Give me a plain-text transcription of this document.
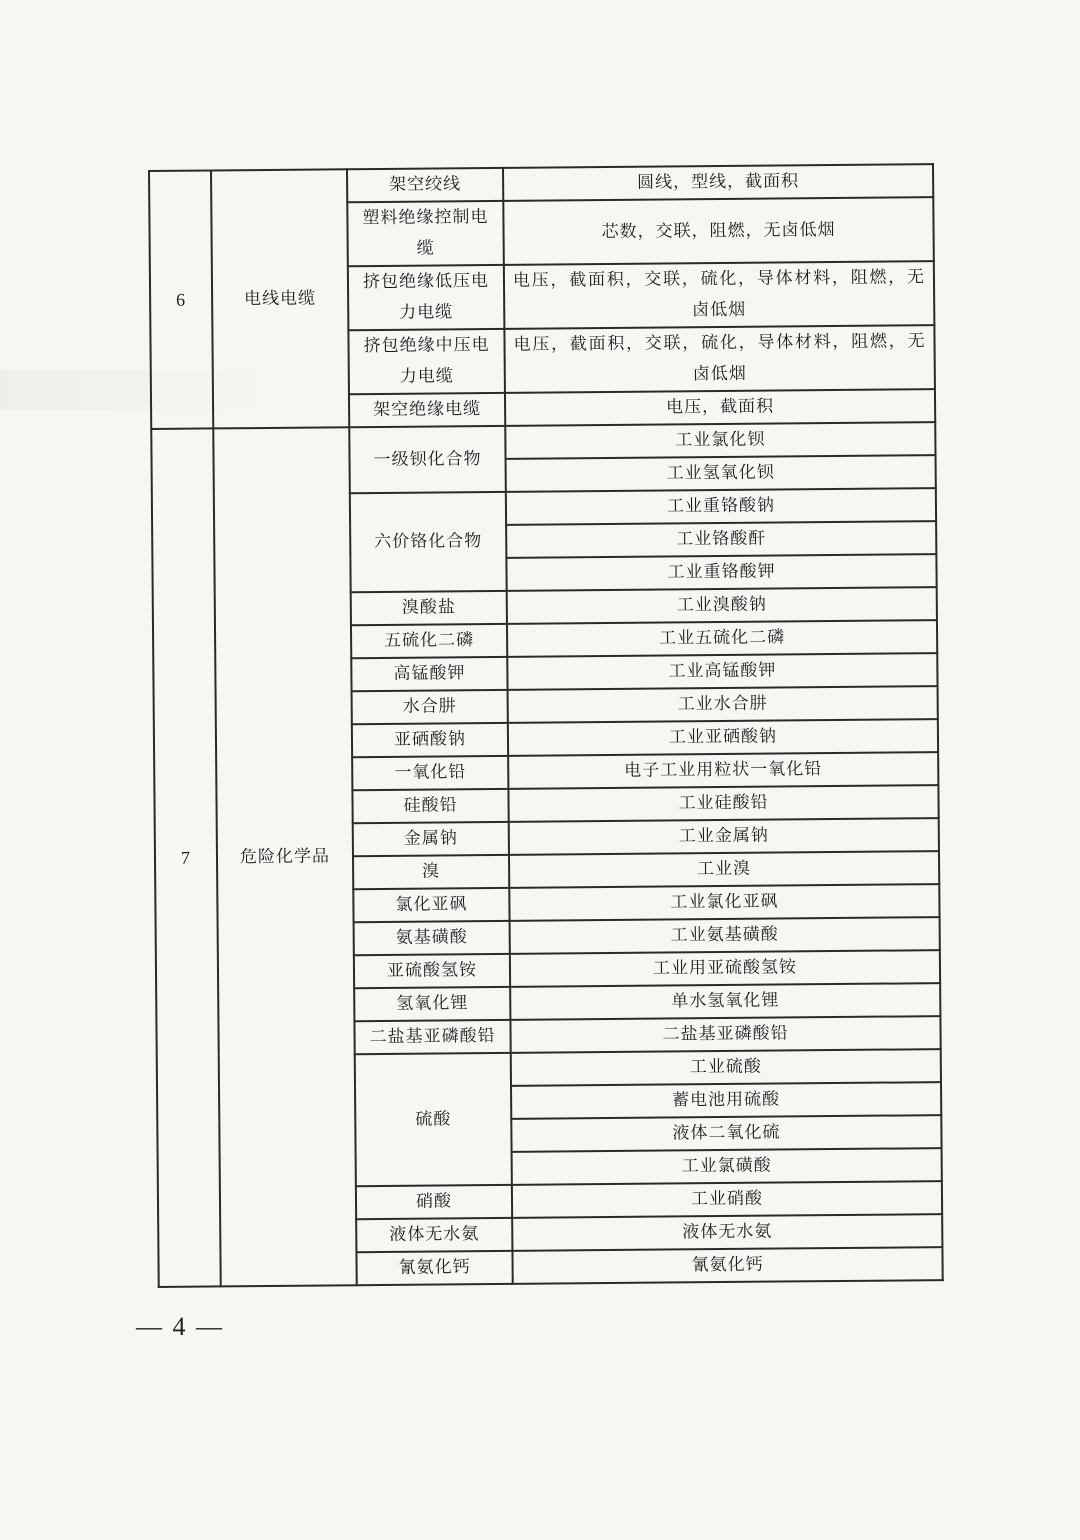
6	电线电缆	架空绞线	圆线，型线，截面积
		塑料绝缘控制电缆	芯数，交联，阻燃，无卤低烟
		挤包绝缘低压电力电缆	电压，截面积，交联，硫化，导体材料，阻燃，无卤低烟
		挤包绝缘中压电力电缆	电压，截面积，交联，硫化，导体材料，阻燃，无卤低烟
		架空绝缘电缆	电压，截面积
7	危险化学品	一级钡化合物	工业氯化钡
			工业氢氧化钡
		六价铬化合物	工业重铬酸钠
			工业铬酸酐
			工业重铬酸钾
		溴酸盐	工业溴酸钠
		五硫化二磷	工业五硫化二磷
		高锰酸钾	工业高锰酸钾
		水合肼	工业水合肼
		亚硒酸钠	工业亚硒酸钠
		一氧化铅	电子工业用粒状一氧化铅
		硅酸铅	工业硅酸铅
		金属钠	工业金属钠
		溴	工业溴
		氯化亚砜	工业氯化亚砜
		氨基磺酸	工业氨基磺酸
		亚硫酸氢铵	工业用亚硫酸氢铵
		氢氧化锂	单水氢氧化锂
		二盐基亚磷酸铅	二盐基亚磷酸铅
		硫酸	工业硫酸
			蓄电池用硫酸
			液体二氧化硫
			工业氯磺酸
		硝酸	工业硝酸
		液体无水氨	液体无水氨
		氰氨化钙	氰氨化钙
— 4 —
